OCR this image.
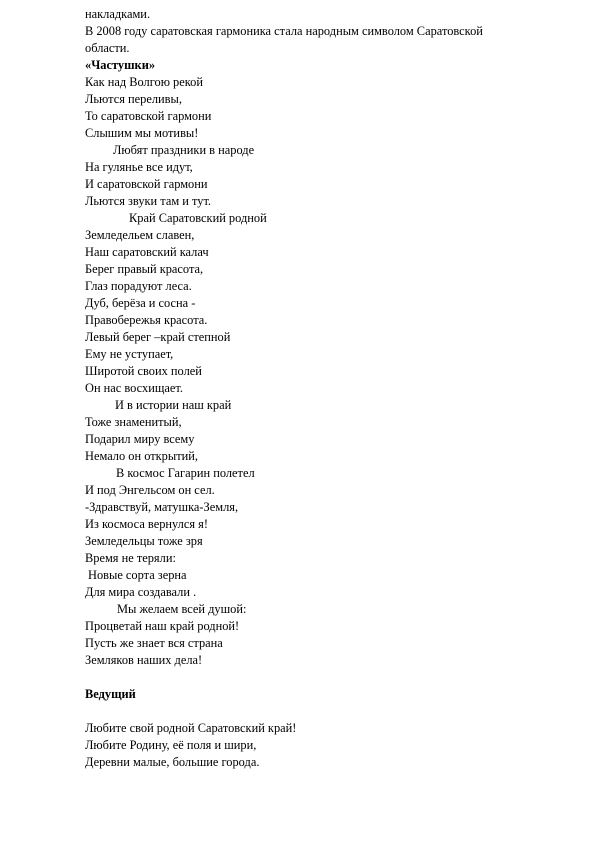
накладками.
В 2008 году саратовская гармоника стала народным символом Саратовской
области.
«Частушки»
Как над Волгою рекой
Льются переливы,
То саратовской гармони
Слышим мы мотивы!
Любят праздники в народе
На гулянье все идут,
И саратовской гармони
Льются звуки там и тут.
Край Саратовский родной
Земледельем славен,
Наш саратовский калач
Берег правый красота,
Глаз порадуют леса.
Дуб, берёза и сосна -
Правобережья красота.
Левый берег –край степной
Ему не уступает,
Широтой своих полей
Он нас восхищает.
И в истории наш край
Тоже знаменитый,
Подарил миру всему
Немало он открытий,
В космос Гагарин полетел
И под Энгельсом он сел.
-Здравствуй, матушка-Земля,
Из космоса вернулся я!
Земледельцы тоже зря
Время не теряли:
Новые сорта зерна
Для мира создавали .
Мы желаем всей душой:
Процветай наш край родной!
Пусть же знает вся страна
Земляков наших дела!
Ведущий
Любите свой родной Саратовский край!
Любите Родину, её поля и шири,
Деревни малые, большие города.
